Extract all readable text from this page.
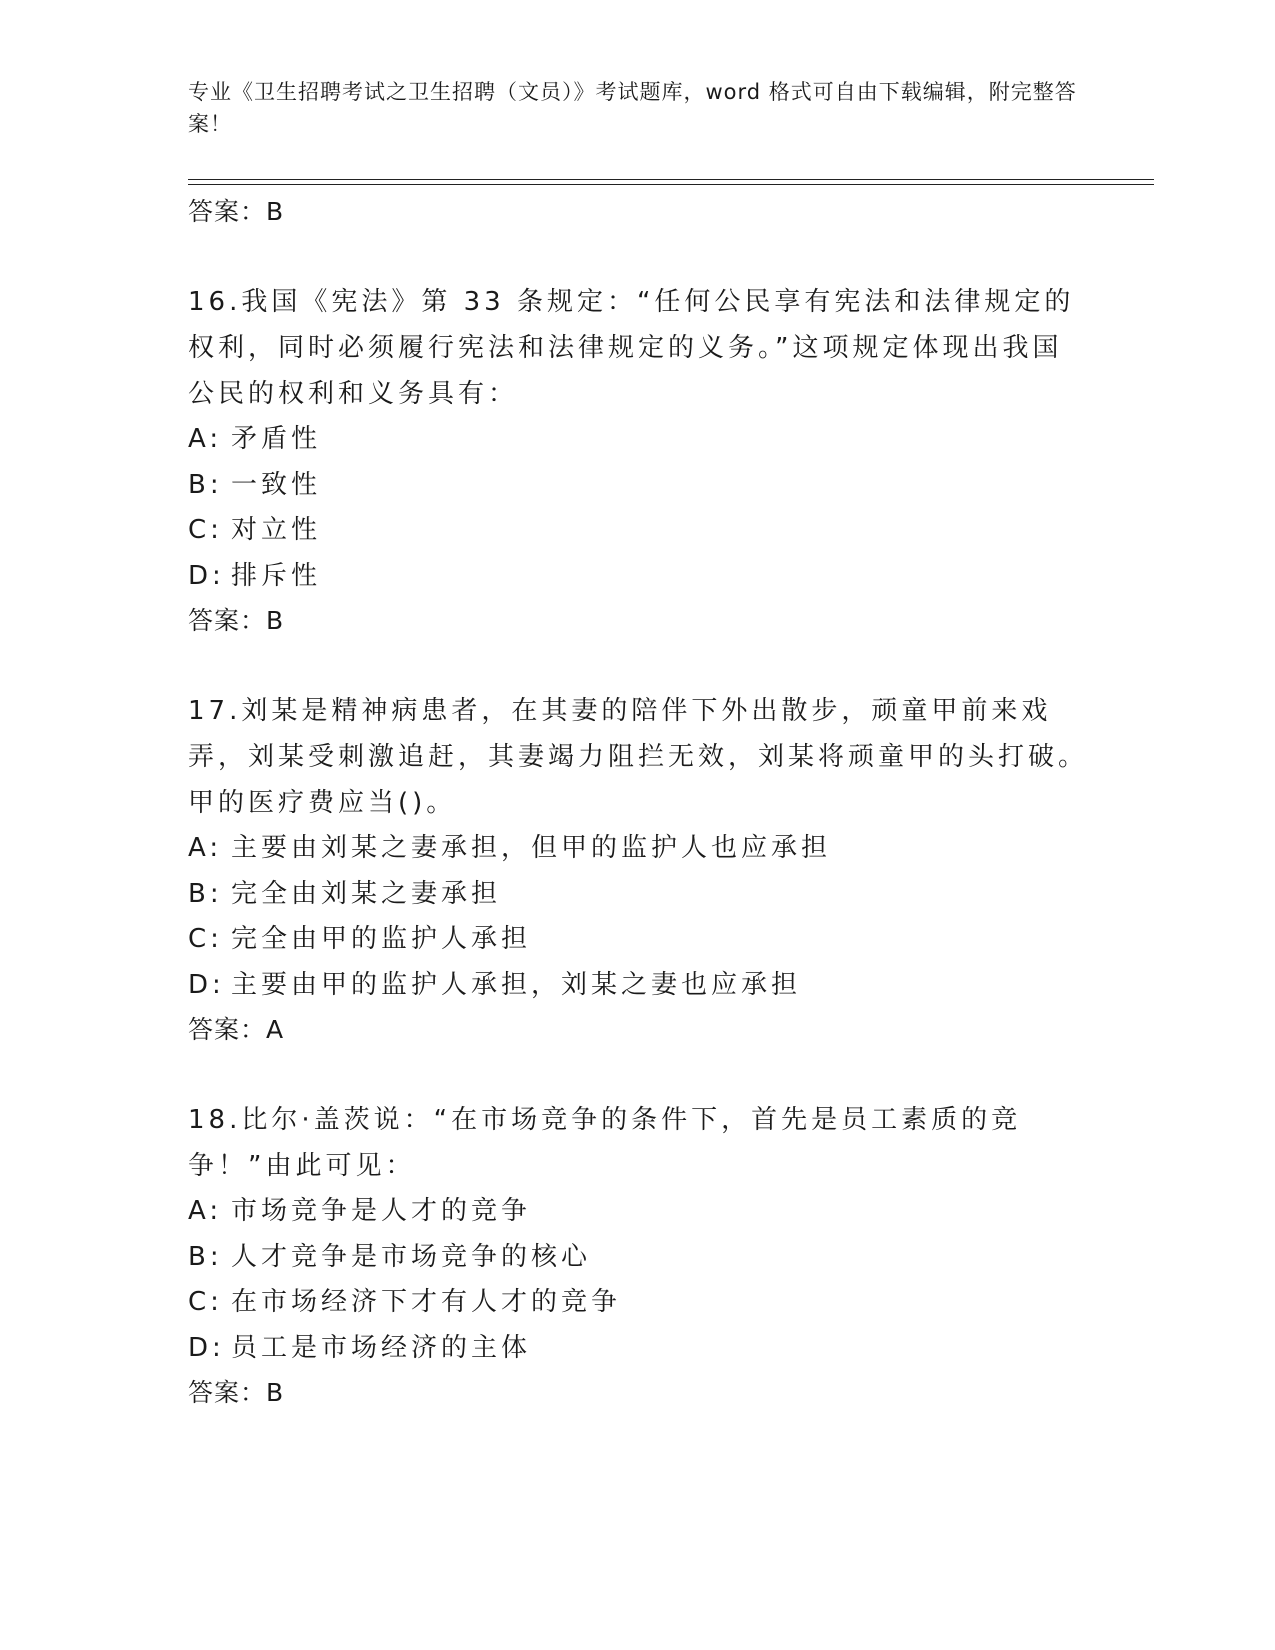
专业《卫生招聘考试之卫生招聘（文员）》考试题库，word 格式可自由下载编辑，附完整答案！
答案：B
16.我国《宪法》第 33 条规定：“任何公民享有宪法和法律规定的权利，同时必须履行宪法和法律规定的义务。”这项规定体现出我国公民的权利和义务具有：
A: 矛盾性
B: 一致性
C: 对立性
D: 排斥性
答案：B
17.刘某是精神病患者，在其妻的陪伴下外出散步，顽童甲前来戏弄，刘某受刺激追赶，其妻竭力阻拦无效，刘某将顽童甲的头打破。甲的医疗费应当()。
A: 主要由刘某之妻承担，但甲的监护人也应承担
B: 完全由刘某之妻承担
C: 完全由甲的监护人承担
D: 主要由甲的监护人承担，刘某之妻也应承担
答案：A
18.比尔·盖茨说：“在市场竞争的条件下，首先是员工素质的竞争！”由此可见：
A: 市场竞争是人才的竞争
B: 人才竞争是市场竞争的核心
C: 在市场经济下才有人才的竞争
D: 员工是市场经济的主体
答案：B
